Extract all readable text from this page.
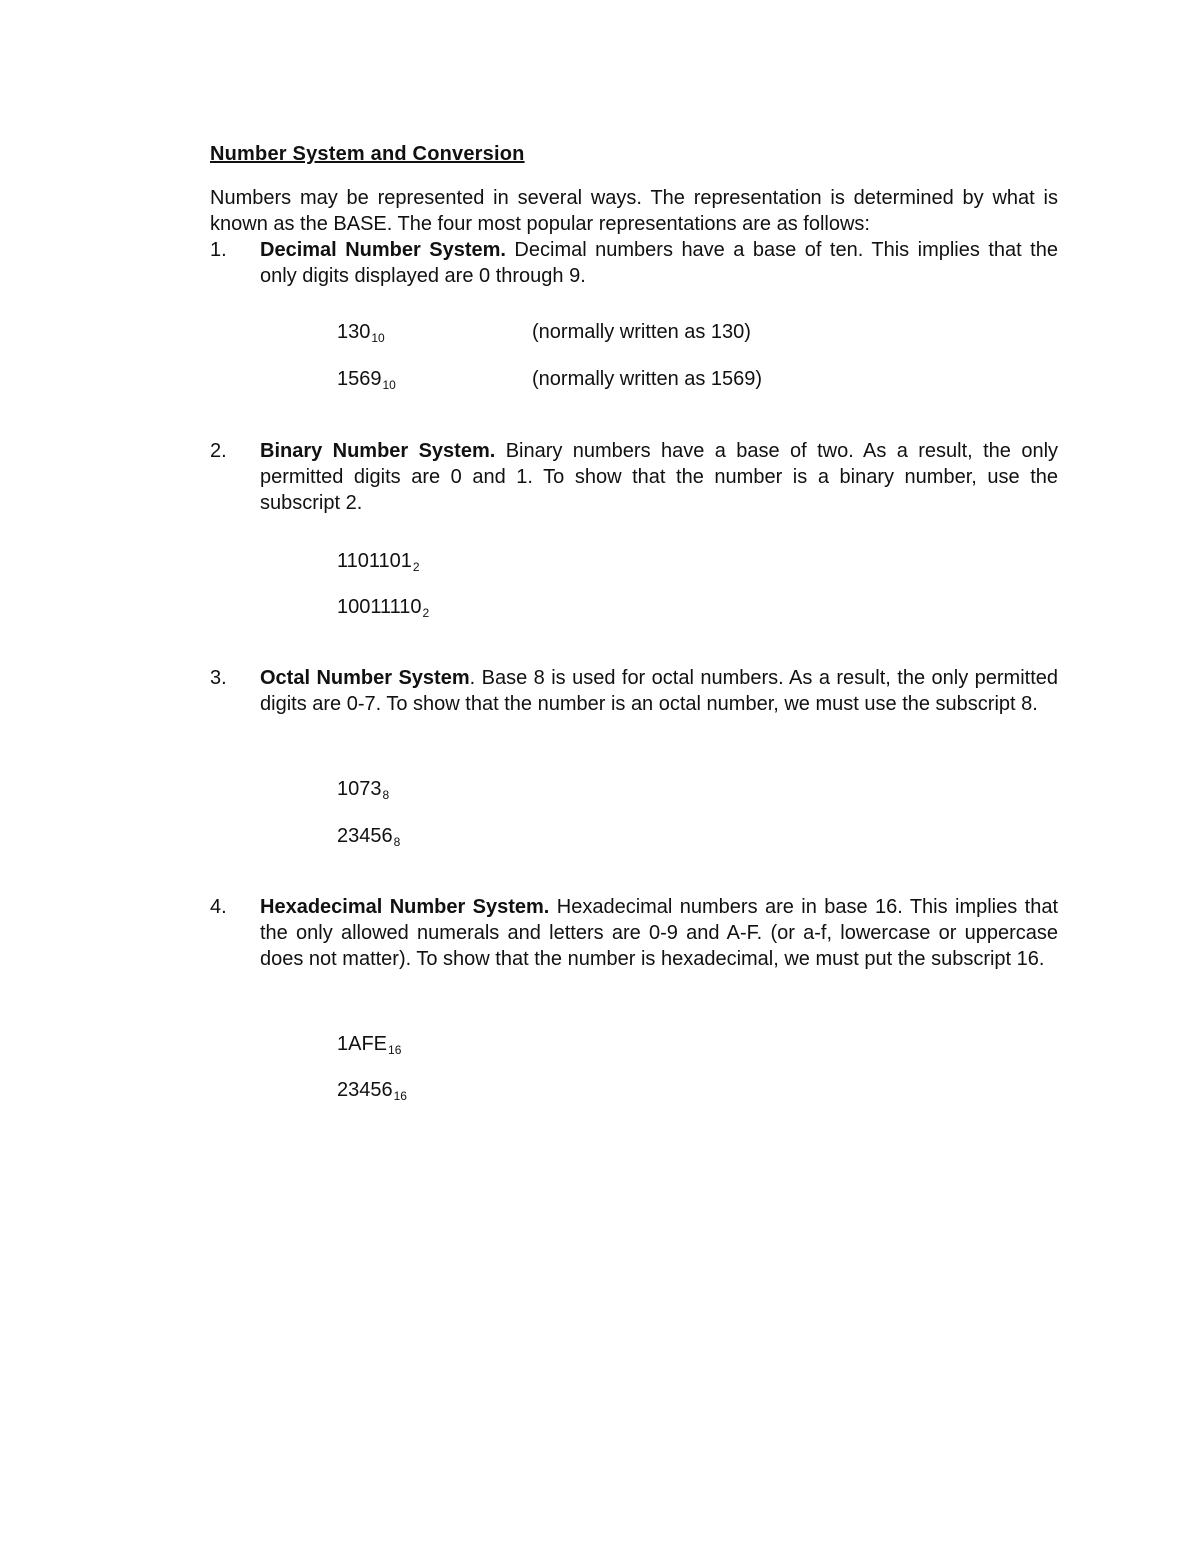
Number System and Conversion
Numbers may be represented in several ways. The representation is determined by what is known as the BASE. The four most popular representations are as follows:
1.	Decimal Number System. Decimal numbers have a base of ten. This implies that the only digits displayed are 0 through 9.
$130_{10}$	(normally written as 130)
$1569_{10}$	(normally written as 1569)
2.	Binary Number System. Binary numbers have a base of two. As a result, the only permitted digits are 0 and 1. To show that the number is a binary number, use the subscript 2.
$1101101_2$
$10011110_2$
3.	Octal Number System. Base 8 is used for octal numbers. As a result, the only permitted digits are 0-7. To show that the number is an octal number, we must use the subscript 8.
$1073_8$
$23456_8$
4.	Hexadecimal Number System. Hexadecimal numbers are in base 16. This implies that the only allowed numerals and letters are 0-9 and A-F. (or a-f, lowercase or uppercase does not matter). To show that the number is hexadecimal, we must put the subscript 16.
$1AFE_{16}$
$23456_{16}$
